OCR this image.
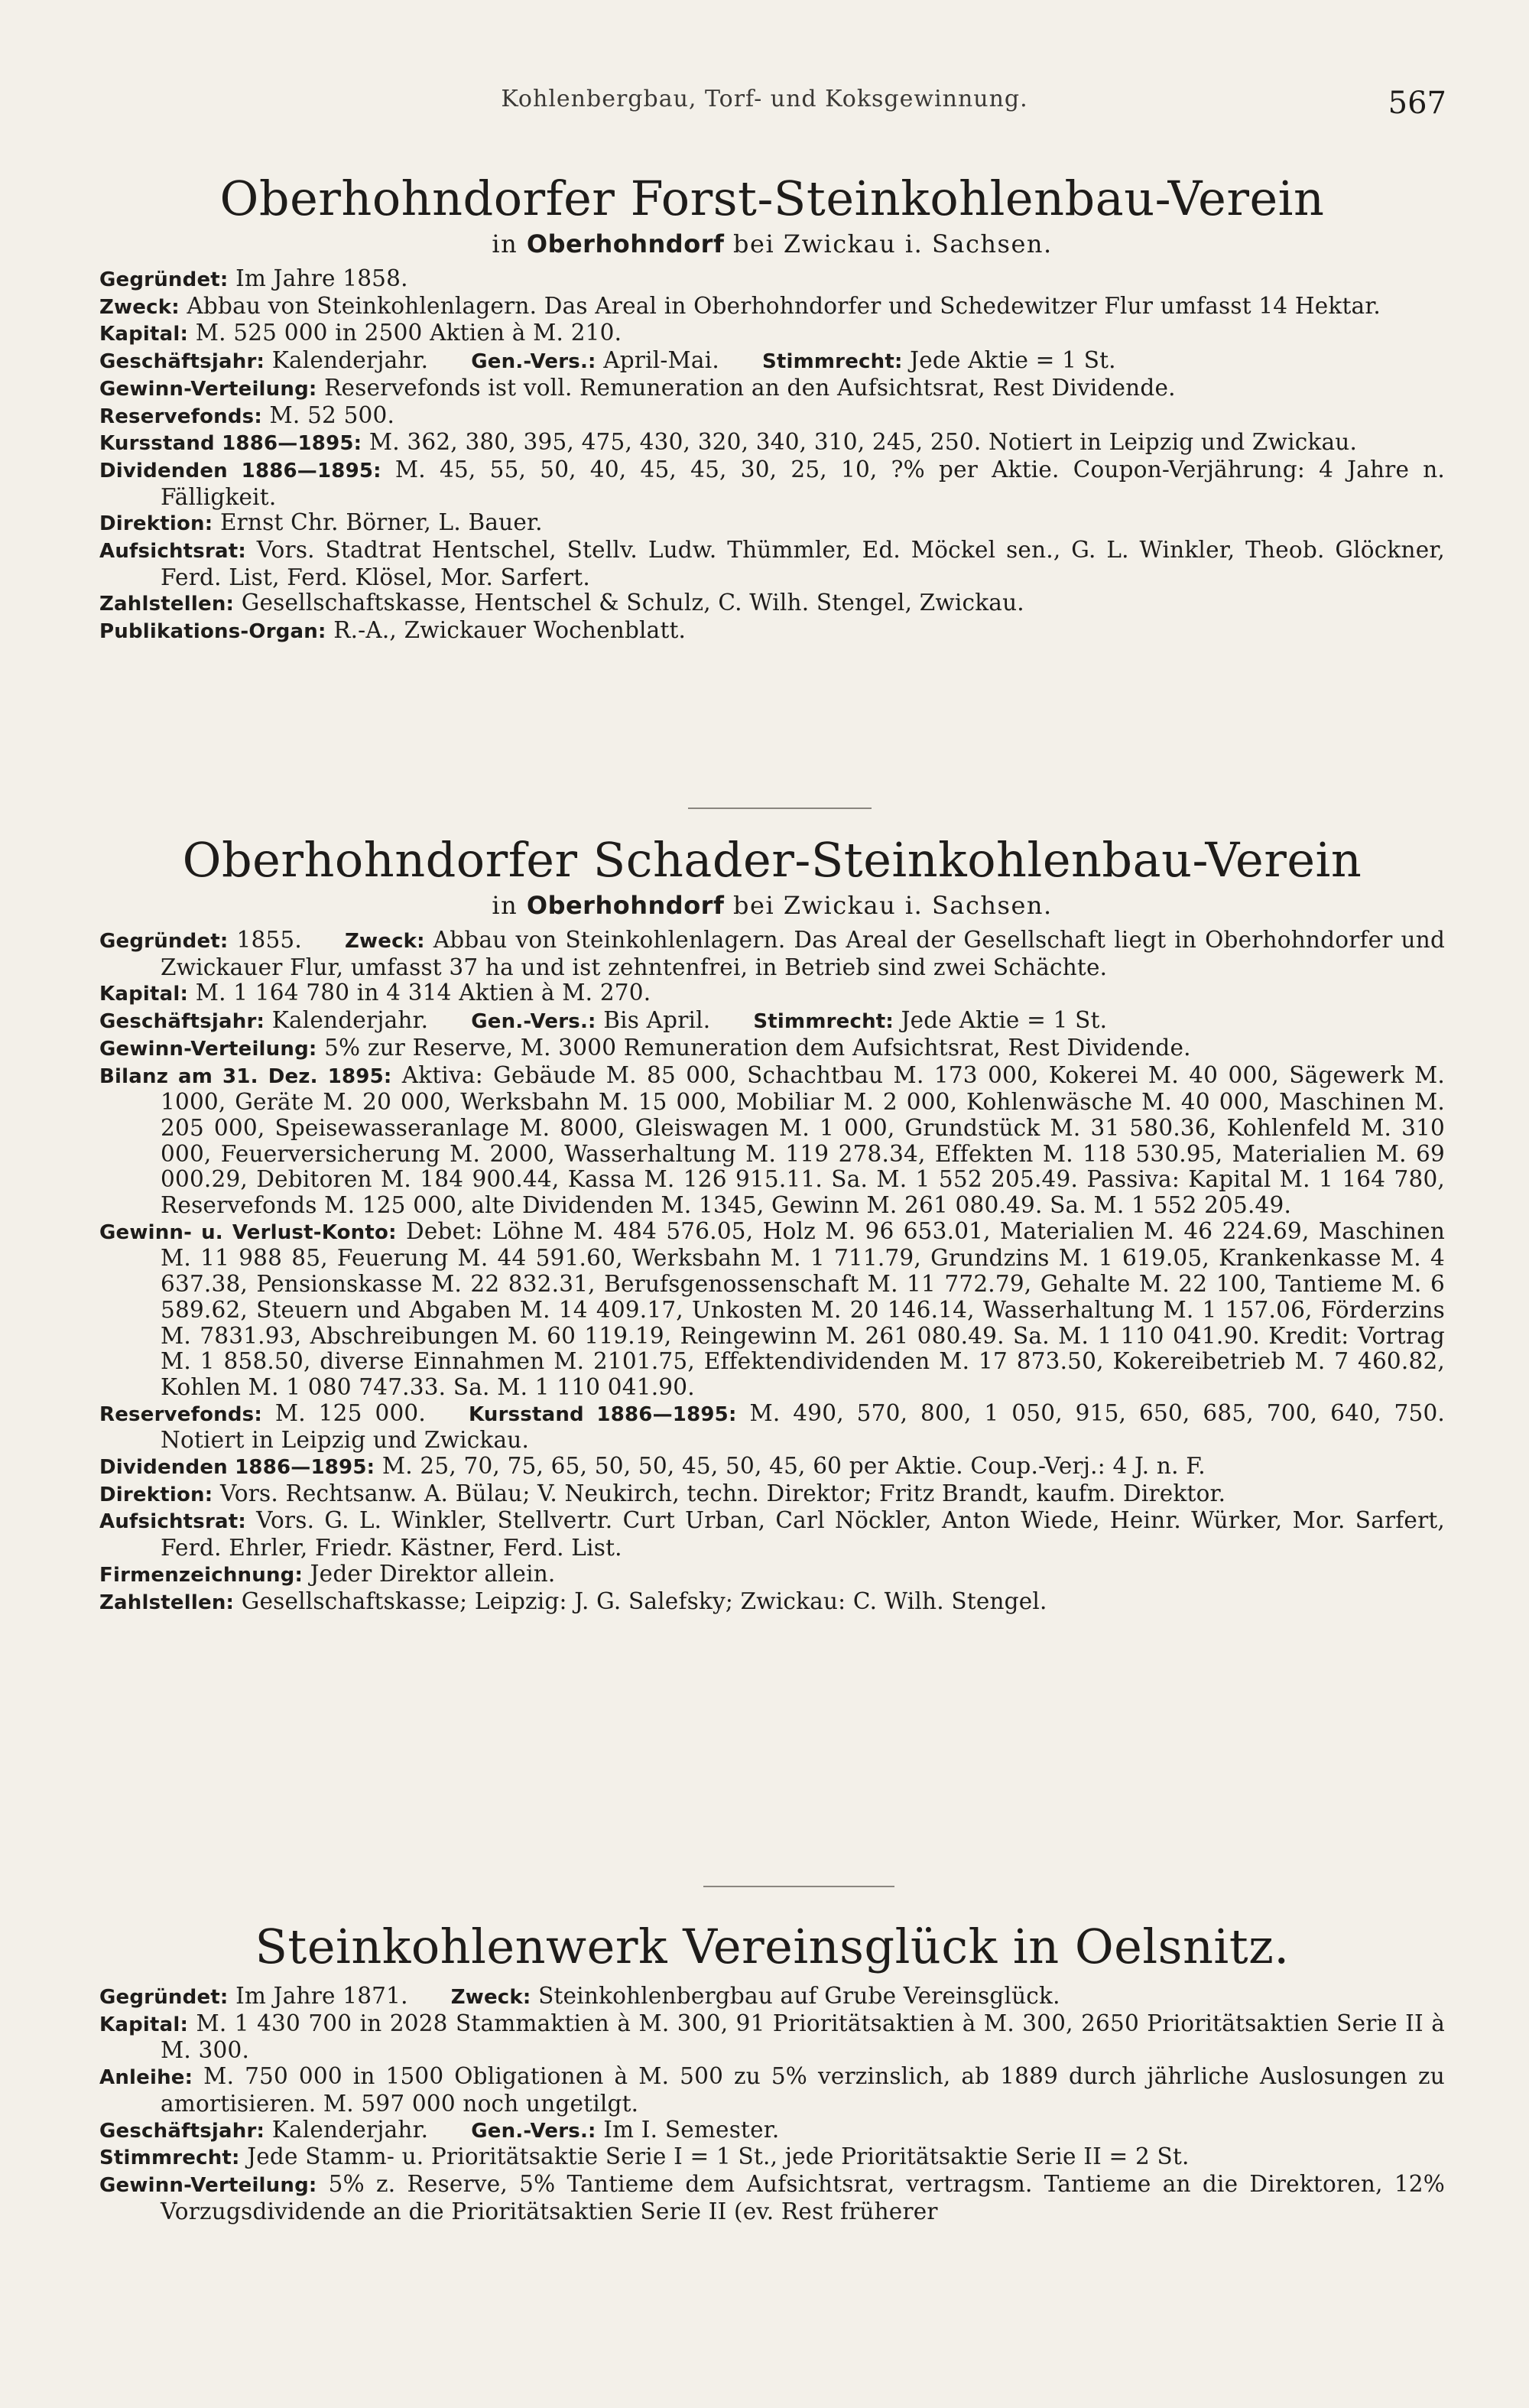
Kohlenbergbau, Torf- und Koksgewinnung.	567
Oberhohndorfer Forst-Steinkohlenbau-Verein
in Oberhohndorf bei Zwickau i. Sachsen.
Gegründet: Im Jahre 1858.
Zweck: Abbau von Steinkohlenlagern. Das Areal in Oberhohndorfer und Schedewitzer Flur umfasst 14 Hektar.
Kapital: M. 525 000 in 2500 Aktien à M. 210.
Geschäftsjahr: Kalenderjahr. Gen.-Vers.: April-Mai. Stimmrecht: Jede Aktie = 1 St.
Gewinn-Verteilung: Reservefonds ist voll. Remuneration an den Aufsichtsrat, Rest Dividende.
Reservefonds: M. 52 500.
Kursstand 1886—1895: M. 362, 380, 395, 475, 430, 320, 340, 310, 245, 250. Notiert in Leipzig und Zwickau.
Dividenden 1886—1895: M. 45, 55, 50, 40, 45, 45, 30, 25, 10, ?% per Aktie. Coupon-Verjährung: 4 Jahre n. Fälligkeit.
Direktion: Ernst Chr. Börner, L. Bauer.
Aufsichtsrat: Vors. Stadtrat Hentschel, Stellv. Ludw. Thümmler, Ed. Möckel sen., G. L. Winkler, Theob. Glöckner, Ferd. List, Ferd. Klösel, Mor. Sarfert.
Zahlstellen: Gesellschaftskasse, Hentschel & Schulz, C. Wilh. Stengel, Zwickau.
Publikations-Organ: R.-A., Zwickauer Wochenblatt.
Oberhohndorfer Schader-Steinkohlenbau-Verein
in Oberhohndorf bei Zwickau i. Sachsen.
Gegründet: 1855. Zweck: Abbau von Steinkohlenlagern. Das Areal der Gesellschaft liegt in Oberhohndorfer und Zwickauer Flur, umfasst 37 ha und ist zehntenfrei, in Betrieb sind zwei Schächte.
Kapital: M. 1 164 780 in 4 314 Aktien à M. 270.
Geschäftsjahr: Kalenderjahr. Gen.-Vers.: Bis April. Stimmrecht: Jede Aktie = 1 St.
Gewinn-Verteilung: 5% zur Reserve, M. 3000 Remuneration dem Aufsichtsrat, Rest Dividende.
Bilanz am 31. Dez. 1895: Aktiva: Gebäude M. 85 000, Schachtbau M. 173 000, Kokerei M. 40 000, Sägewerk M. 1000, Geräte M. 20 000, Werksbahn M. 15 000, Mobiliar M. 2 000, Kohlenwäsche M. 40 000, Maschinen M. 205 000, Speisewasseranlage M. 8000, Gleiswagen M. 1 000, Grundstück M. 31 580.36, Kohlenfeld M. 310 000, Feuerversicherung M. 2000, Wasserhaltung M. 119 278.34, Effekten M. 118 530.95, Materialien M. 69 000.29, Debitoren M. 184 900.44, Kassa M. 126 915.11. Sa. M. 1 552 205.49. Passiva: Kapital M. 1 164 780, Reservefonds M. 125 000, alte Dividenden M. 1345, Gewinn M. 261 080.49. Sa. M. 1 552 205.49.
Gewinn- u. Verlust-Konto: Debet: Löhne M. 484 576.05, Holz M. 96 653.01, Materialien M. 46 224.69, Maschinen M. 11 988 85, Feuerung M. 44 591.60, Werksbahn M. 1 711.79, Grundzins M. 1 619.05, Krankenkasse M. 4 637.38, Pensionskasse M. 22 832.31, Berufsgenossenschaft M. 11 772.79, Gehalte M. 22 100, Tantieme M. 6 589.62, Steuern und Abgaben M. 14 409.17, Unkosten M. 20 146.14, Wasserhaltung M. 1 157.06, Förderzins M. 7831.93, Abschreibungen M. 60 119.19, Reingewinn M. 261 080.49. Sa. M. 1 110 041.90. Kredit: Vortrag M. 1 858.50, diverse Einnahmen M. 2101.75, Effektendividenden M. 17 873.50, Kokereibetrieb M. 7 460.82, Kohlen M. 1 080 747.33. Sa. M. 1 110 041.90.
Reservefonds: M. 125 000. Kursstand 1886—1895: M. 490, 570, 800, 1 050, 915, 650, 685, 700, 640, 750. Notiert in Leipzig und Zwickau.
Dividenden 1886—1895: M. 25, 70, 75, 65, 50, 50, 45, 50, 45, 60 per Aktie. Coup.-Verj.: 4 J. n. F.
Direktion: Vors. Rechtsanw. A. Bülau; V. Neukirch, techn. Direktor; Fritz Brandt, kaufm. Direktor.
Aufsichtsrat: Vors. G. L. Winkler, Stellvertr. Curt Urban, Carl Nöckler, Anton Wiede, Heinr. Würker, Mor. Sarfert, Ferd. Ehrler, Friedr. Kästner, Ferd. List.
Firmenzeichnung: Jeder Direktor allein.
Zahlstellen: Gesellschaftskasse; Leipzig: J. G. Salefsky; Zwickau: C. Wilh. Stengel.
Steinkohlenwerk Vereinsglück in Oelsnitz.
Gegründet: Im Jahre 1871. Zweck: Steinkohlenbergbau auf Grube Vereinsglück.
Kapital: M. 1 430 700 in 2028 Stammaktien à M. 300, 91 Prioritätsaktien à M. 300, 2650 Prioritätsaktien Serie II à M. 300.
Anleihe: M. 750 000 in 1500 Obligationen à M. 500 zu 5% verzinslich, ab 1889 durch jährliche Auslosungen zu amortisieren. M. 597 000 noch ungetilgt.
Geschäftsjahr: Kalenderjahr. Gen.-Vers.: Im I. Semester.
Stimmrecht: Jede Stamm- u. Prioritätsaktie Serie I = 1 St., jede Prioritätsaktie Serie II = 2 St.
Gewinn-Verteilung: 5% z. Reserve, 5% Tantieme dem Aufsichtsrat, vertragsm. Tantieme an die Direktoren, 12% Vorzugsdividende an die Prioritätsaktien Serie II (ev. Rest früherer
